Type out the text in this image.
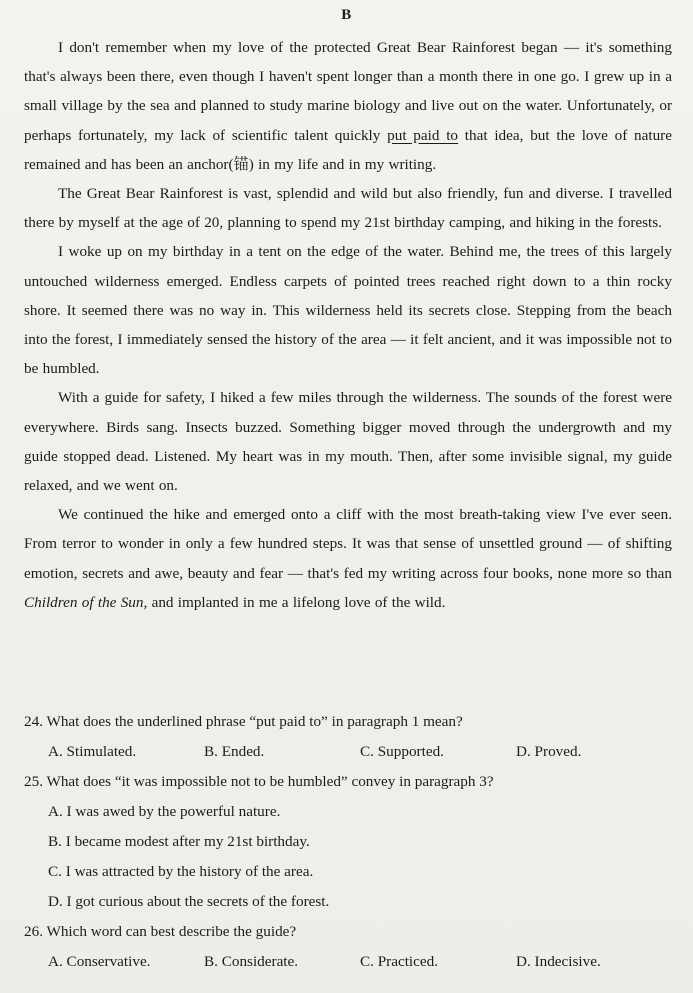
B

I don't remember when my love of the protected Great Bear Rainforest began — it's something that's always been there, even though I haven't spent longer than a month there in one go. I grew up in a small village by the sea and planned to study marine biology and live out on the water. Unfortunately, or perhaps fortunately, my lack of scientific talent quickly put paid to that idea, but the love of nature remained and has been an anchor(锚) in my life and in my writing.

The Great Bear Rainforest is vast, splendid and wild but also friendly, fun and diverse. I travelled there by myself at the age of 20, planning to spend my 21st birthday camping, and hiking in the forests.

I woke up on my birthday in a tent on the edge of the water. Behind me, the trees of this largely untouched wilderness emerged. Endless carpets of pointed trees reached right down to a thin rocky shore. It seemed there was no way in. This wilderness held its secrets close. Stepping from the beach into the forest, I immediately sensed the history of the area — it felt ancient, and it was impossible not to be humbled.

With a guide for safety, I hiked a few miles through the wilderness. The sounds of the forest were everywhere. Birds sang. Insects buzzed. Something bigger moved through the undergrowth and my guide stopped dead. Listened. My heart was in my mouth. Then, after some invisible signal, my guide relaxed, and we went on.

We continued the hike and emerged onto a cliff with the most breath-taking view I've ever seen. From terror to wonder in only a few hundred steps. It was that sense of unsettled ground — of shifting emotion, secrets and awe, beauty and fear — that's fed my writing across four books, none more so than Children of the Sun, and implanted in me a lifelong love of the wild.

24. What does the underlined phrase “put paid to” in paragraph 1 mean?
A. Stimulated.	B. Ended.	C. Supported.	D. Proved.
25. What does “it was impossible not to be humbled” convey in paragraph 3?
A. I was awed by the powerful nature.
B. I became modest after my 21st birthday.
C. I was attracted by the history of the area.
D. I got curious about the secrets of the forest.
26. Which word can best describe the guide?
A. Conservative.	B. Considerate.	C. Practiced.	D. Indecisive.
